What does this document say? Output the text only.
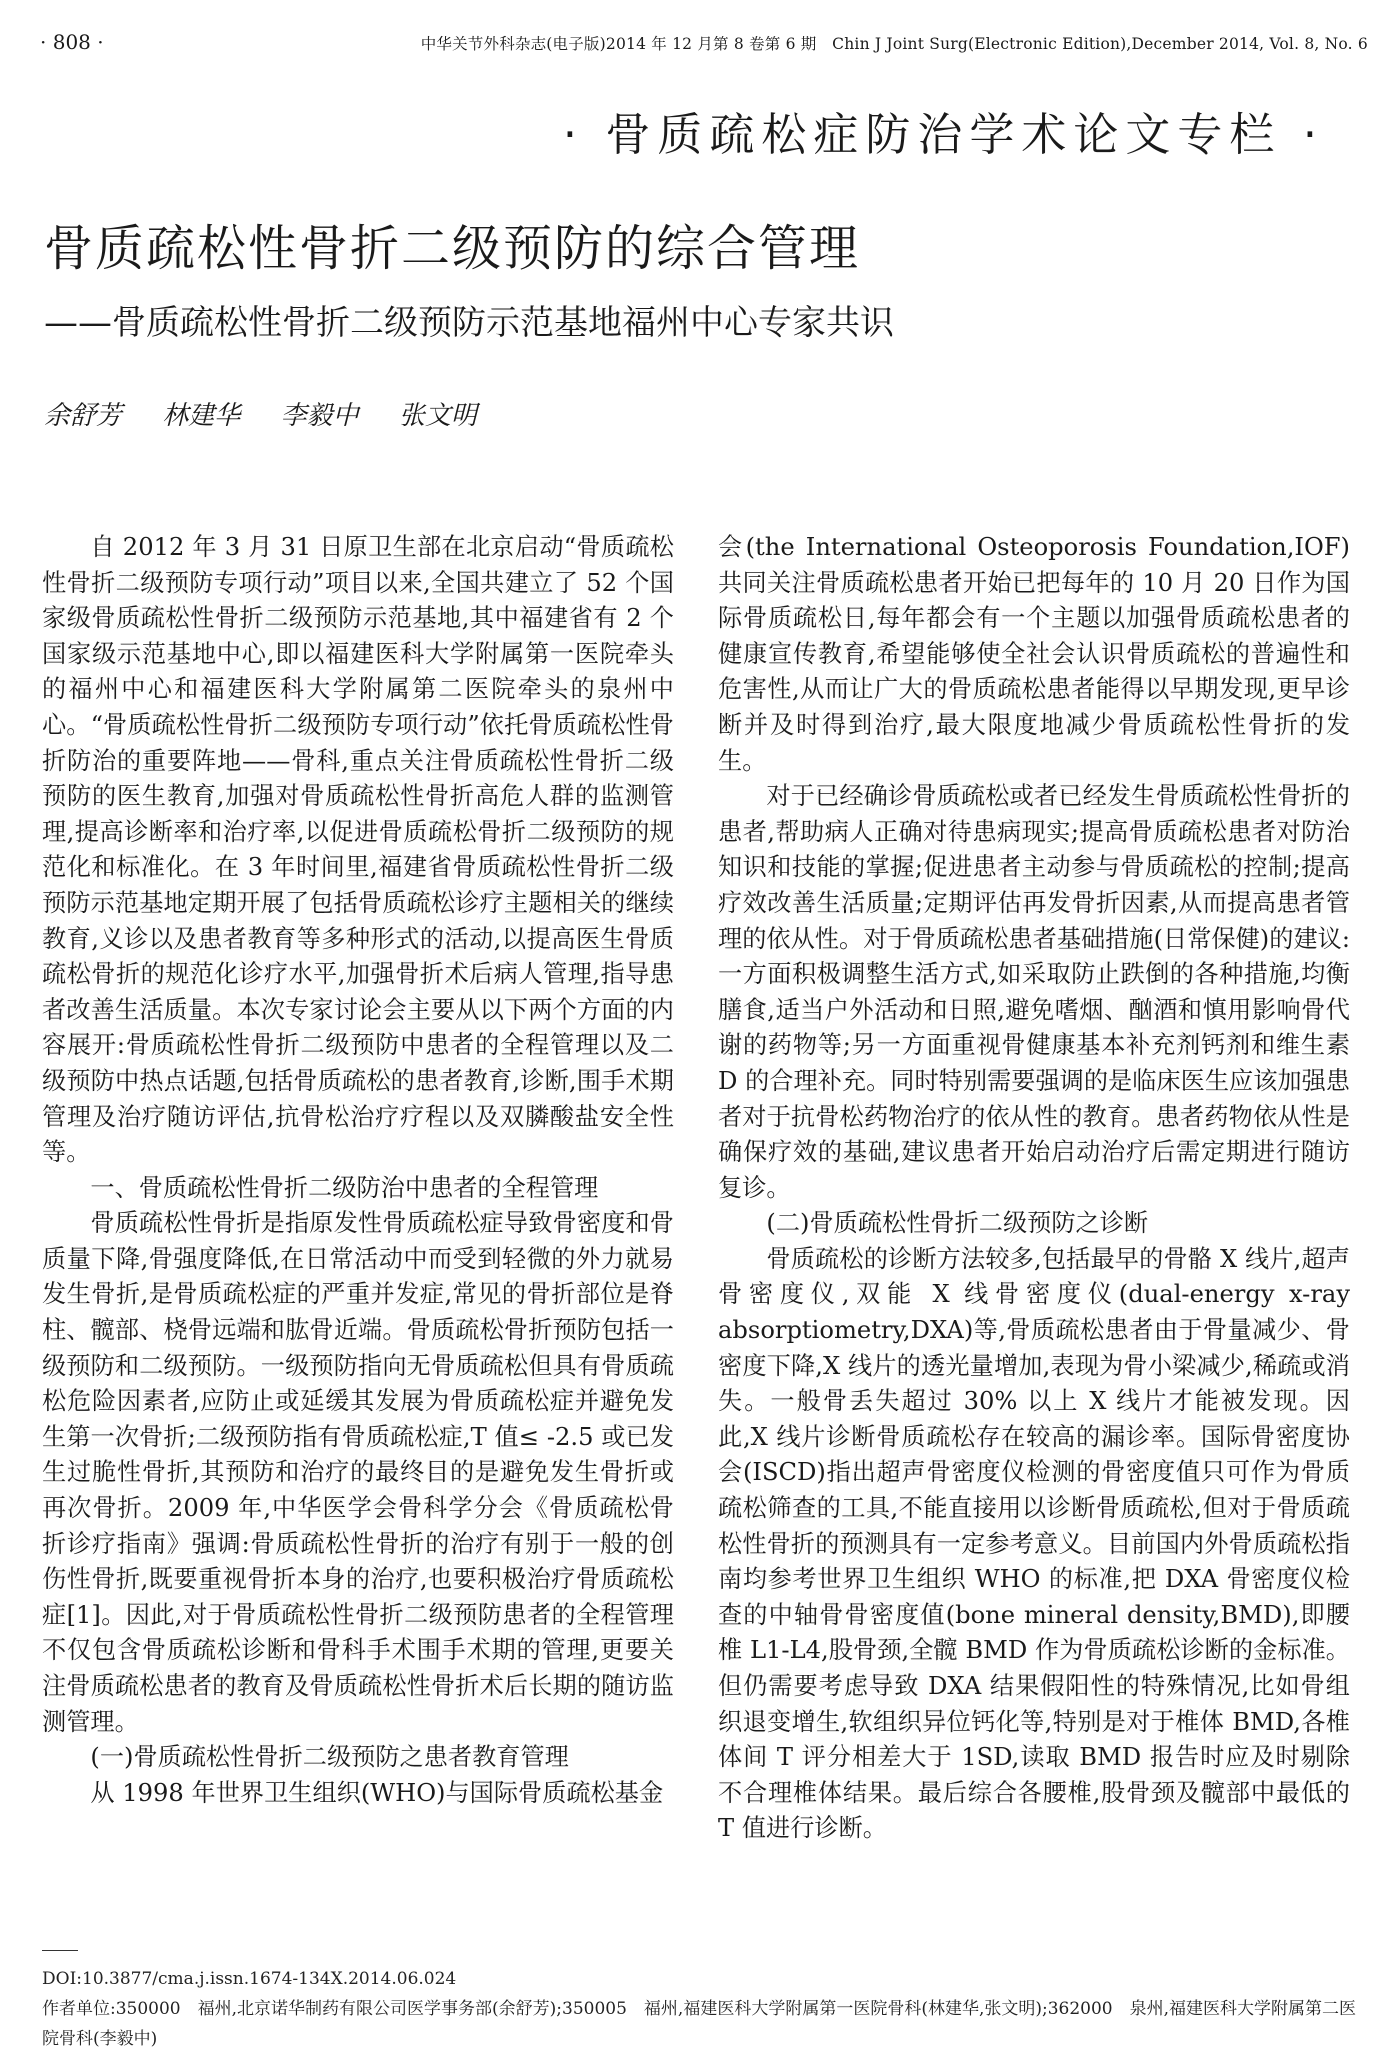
· 808 ·	中华关节外科杂志(电子版)2014 年 12 月第 8 卷第 6 期　Chin J Joint Surg(Electronic Edition),December 2014, Vol. 8, No. 6
· 骨质疏松症防治学术论文专栏 ·
骨质疏松性骨折二级预防的综合管理
——骨质疏松性骨折二级预防示范基地福州中心专家共识
余舒芳 林建华 李毅中 张文明

自 2012 年 3 月 31 日原卫生部在北京启动“骨质疏松性骨折二级预防专项行动”项目以来,全国共建立了 52 个国家级骨质疏松性骨折二级预防示范基地,其中福建省有 2 个国家级示范基地中心,即以福建医科大学附属第一医院牵头的福州中心和福建医科大学附属第二医院牵头的泉州中心。“骨质疏松性骨折二级预防专项行动”依托骨质疏松性骨折防治的重要阵地——骨科,重点关注骨质疏松性骨折二级预防的医生教育,加强对骨质疏松性骨折高危人群的监测管理,提高诊断率和治疗率,以促进骨质疏松骨折二级预防的规范化和标准化。在 3 年时间里,福建省骨质疏松性骨折二级预防示范基地定期开展了包括骨质疏松诊疗主题相关的继续教育,义诊以及患者教育等多种形式的活动,以提高医生骨质疏松骨折的规范化诊疗水平,加强骨折术后病人管理,指导患者改善生活质量。本次专家讨论会主要从以下两个方面的内容展开:骨质疏松性骨折二级预防中患者的全程管理以及二级预防中热点话题,包括骨质疏松的患者教育,诊断,围手术期管理及治疗随访评估,抗骨松治疗疗程以及双膦酸盐安全性等。

一、骨质疏松性骨折二级防治中患者的全程管理

骨质疏松性骨折是指原发性骨质疏松症导致骨密度和骨质量下降,骨强度降低,在日常活动中而受到轻微的外力就易发生骨折,是骨质疏松症的严重并发症,常见的骨折部位是脊柱、髋部、桡骨远端和肱骨近端。骨质疏松骨折预防包括一级预防和二级预防。一级预防指向无骨质疏松但具有骨质疏松危险因素者,应防止或延缓其发展为骨质疏松症并避免发生第一次骨折;二级预防指有骨质疏松症,T 值≤ -2.5 或已发生过脆性骨折,其预防和治疗的最终目的是避免发生骨折或再次骨折。2009 年,中华医学会骨科学分会《骨质疏松骨折诊疗指南》强调:骨质疏松性骨折的治疗有别于一般的创伤性骨折,既要重视骨折本身的治疗,也要积极治疗骨质疏松症[1]。因此,对于骨质疏松性骨折二级预防患者的全程管理不仅包含骨质疏松诊断和骨科手术围手术期的管理,更要关注骨质疏松患者的教育及骨质疏松性骨折术后长期的随访监测管理。

(一)骨质疏松性骨折二级预防之患者教育管理

从 1998 年世界卫生组织(WHO)与国际骨质疏松基金

会(the International Osteoporosis Foundation,IOF)共同关注骨质疏松患者开始已把每年的 10 月 20 日作为国际骨质疏松日,每年都会有一个主题以加强骨质疏松患者的健康宣传教育,希望能够使全社会认识骨质疏松的普遍性和危害性,从而让广大的骨质疏松患者能得以早期发现,更早诊断并及时得到治疗,最大限度地减少骨质疏松性骨折的发生。

对于已经确诊骨质疏松或者已经发生骨质疏松性骨折的患者,帮助病人正确对待患病现实;提高骨质疏松患者对防治知识和技能的掌握;促进患者主动参与骨质疏松的控制;提高疗效改善生活质量;定期评估再发骨折因素,从而提高患者管理的依从性。对于骨质疏松患者基础措施(日常保健)的建议:一方面积极调整生活方式,如采取防止跌倒的各种措施,均衡膳食,适当户外活动和日照,避免嗜烟、酗酒和慎用影响骨代谢的药物等;另一方面重视骨健康基本补充剂钙剂和维生素 D 的合理补充。同时特别需要强调的是临床医生应该加强患者对于抗骨松药物治疗的依从性的教育。患者药物依从性是确保疗效的基础,建议患者开始启动治疗后需定期进行随访复诊。

(二)骨质疏松性骨折二级预防之诊断

骨质疏松的诊断方法较多,包括最早的骨骼 X 线片,超声骨密度仪,双能 X 线骨密度仪(dual-energy x-ray absorptiometry,DXA)等,骨质疏松患者由于骨量减少、骨密度下降,X 线片的透光量增加,表现为骨小梁减少,稀疏或消失。一般骨丢失超过 30% 以上 X 线片才能被发现。因此,X 线片诊断骨质疏松存在较高的漏诊率。国际骨密度协会(ISCD)指出超声骨密度仪检测的骨密度值只可作为骨质疏松筛查的工具,不能直接用以诊断骨质疏松,但对于骨质疏松性骨折的预测具有一定参考意义。目前国内外骨质疏松指南均参考世界卫生组织 WHO 的标准,把 DXA 骨密度仪检查的中轴骨骨密度值(bone mineral density,BMD),即腰椎 L1-L4,股骨颈,全髋 BMD 作为骨质疏松诊断的金标准。但仍需要考虑导致 DXA 结果假阳性的特殊情况,比如骨组织退变增生,软组织异位钙化等,特别是对于椎体 BMD,各椎体间 T 评分相差大于 1SD,读取 BMD 报告时应及时剔除不合理椎体结果。最后综合各腰椎,股骨颈及髋部中最低的 T 值进行诊断。

DOI:10.3877/cma.j.issn.1674-134X.2014.06.024
作者单位:350000　福州,北京诺华制药有限公司医学事务部(余舒芳);350005　福州,福建医科大学附属第一医院骨科(林建华,张文明);362000　泉州,福建医科大学附属第二医院骨科(李毅中)
